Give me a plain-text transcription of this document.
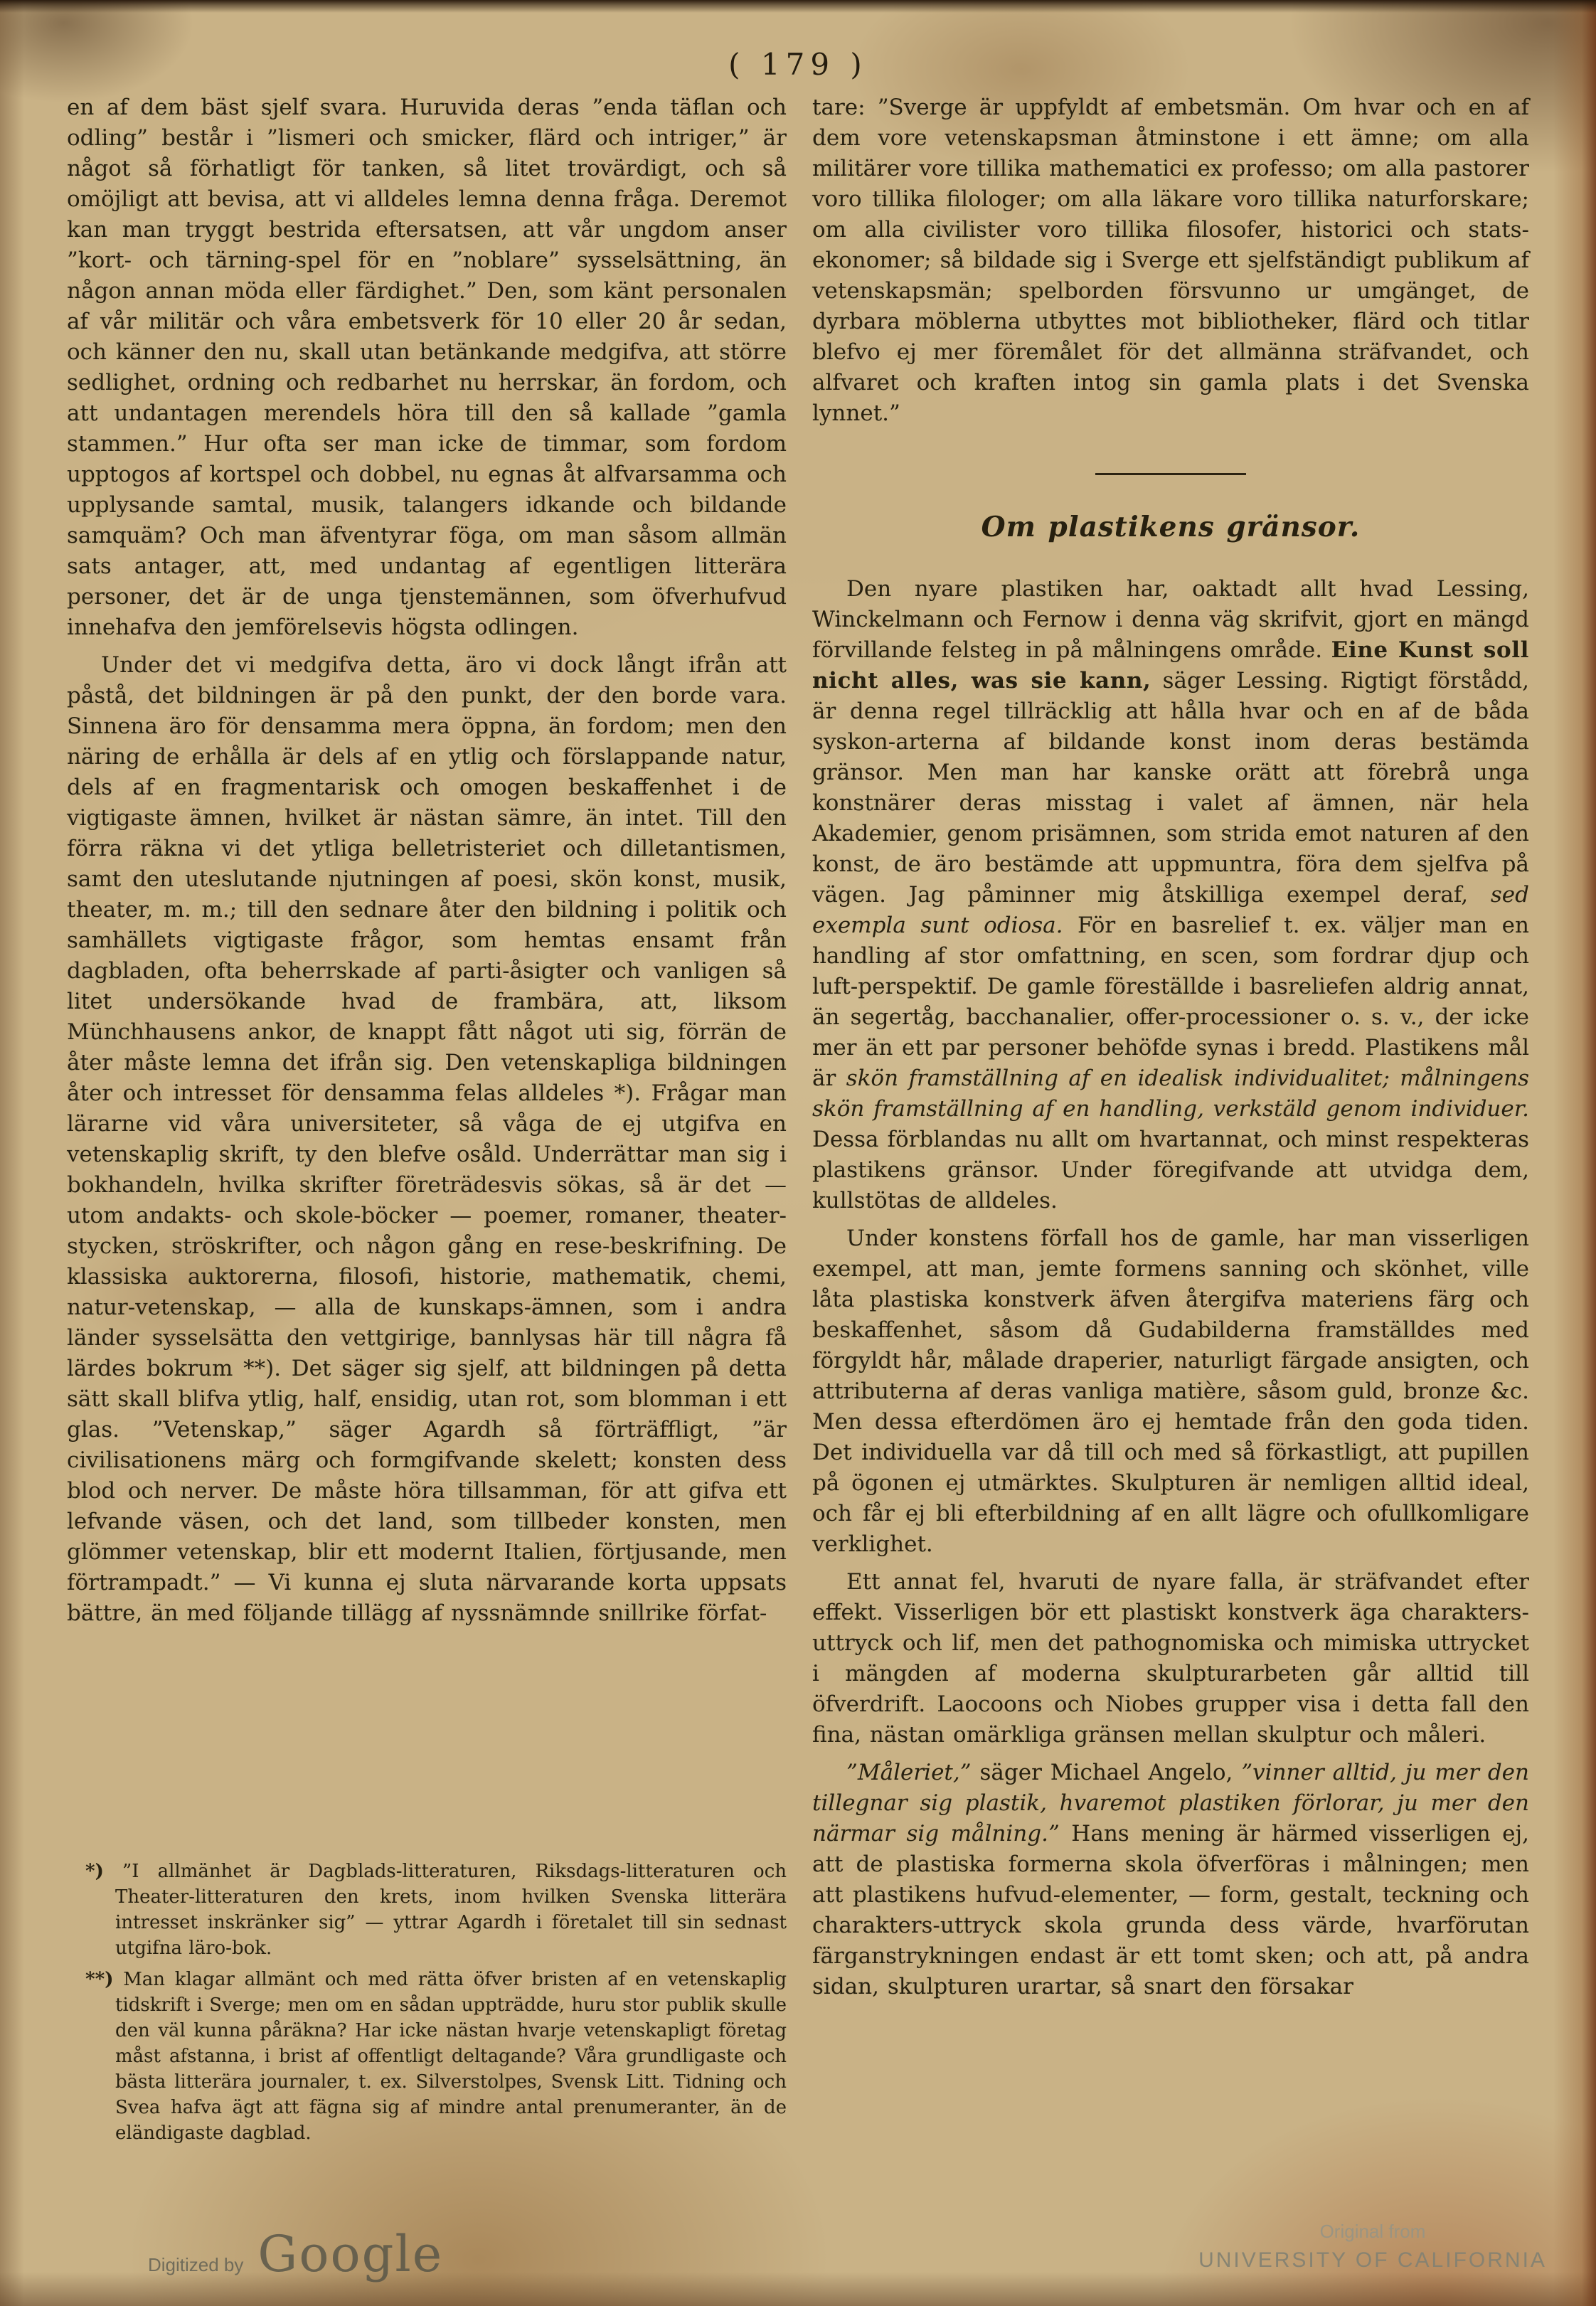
( 179 )

en af dem bäst sjelf svara. Huruvida deras ”enda täflan och odling” består i ”lismeri och smicker, flärd och intriger,” är något så förhatligt för tanken, så litet trovärdigt, och så omöjligt att bevisa, att vi alldeles lemna denna fråga. Deremot kan man tryggt bestrida eftersatsen, att vår ungdom anser ”kort- och tärning-spel för en ”noblare” sysselsättning, än någon annan möda eller färdighet.” Den, som känt personalen af vår militär och våra embetsverk för 10 eller 20 år sedan, och känner den nu, skall utan betänkande medgifva, att större sedlighet, ordning och redbarhet nu herrskar, än fordom, och att undantagen merendels höra till den så kallade ”gamla stammen.” Hur ofta ser man icke de timmar, som fordom upptogos af kortspel och dobbel, nu egnas åt alfvarsamma och upplysande samtal, musik, talangers idkande och bildande samquäm? Och man äfventyrar föga, om man såsom allmän sats antager, att, med undantag af egentligen litterära personer, det är de unga tjenstemännen, som öfverhufvud innehafva den jemförelsevis högsta odlingen.

Under det vi medgifva detta, äro vi dock långt ifrån att påstå, det bildningen är på den punkt, der den borde vara. Sinnena äro för densamma mera öppna, än fordom; men den näring de erhålla är dels af en ytlig och förslappande natur, dels af en fragmentarisk och omogen beskaffenhet i de vigtigaste ämnen, hvilket är nästan sämre, än intet. Till den förra räkna vi det ytliga belletristeriet och dilletantismen, samt den uteslutande njutningen af poesi, skön konst, musik, theater, m. m.; till den sednare åter den bildning i politik och samhällets vigtigaste frågor, som hemtas ensamt från dagbladen, ofta beherrskade af parti-åsigter och vanligen så litet undersökande hvad de frambära, att, liksom Münchhausens ankor, de knappt fått något uti sig, förrän de åter måste lemna det ifrån sig. Den vetenskapliga bildningen åter och intresset för densamma felas alldeles *). Frågar man lärarne vid våra universiteter, så våga de ej utgifva en vetenskaplig skrift, ty den blefve osåld. Underrättar man sig i bokhandeln, hvilka skrifter företrädesvis sökas, så är det — utom andakts- och skole-böcker — poemer, romaner, theater-stycken, ströskrifter, och någon gång en rese-beskrifning. De klassiska auktorerna, filosofi, historie, mathematik, chemi, natur-vetenskap, — alla de kunskaps-ämnen, som i andra länder sysselsätta den vettgirige, bannlysas här till några få lärdes bokrum **). Det säger sig sjelf, att bildningen på detta sätt skall blifva ytlig, half, ensidig, utan rot, som blomman i ett glas. ”Vetenskap,” säger Agardh så förträffligt, ”är civilisationens märg och formgifvande skelett; konsten dess blod och nerver. De måste höra tillsamman, för att gifva ett lefvande väsen, och det land, som tillbeder konsten, men glömmer vetenskap, blir ett modernt Italien, förtjusande, men förtrampadt.” — Vi kunna ej sluta närvarande korta uppsats bättre, än med följande tillägg af nyssnämnde snillrike förfat-

*) ”I allmänhet är Dagblads-litteraturen, Riksdags-litteraturen och Theater-litteraturen den krets, inom hvilken Svenska litterära intresset inskränker sig” — yttrar Agardh i företalet till sin sednast utgifna läro-bok.

**) Man klagar allmänt och med rätta öfver bristen af en vetenskaplig tidskrift i Sverge; men om en sådan uppträdde, huru stor publik skulle den väl kunna påräkna? Har icke nästan hvarje vetenskapligt företag måst afstanna, i brist af offentligt deltagande? Våra grundligaste och bästa litterära journaler, t. ex. Silverstolpes, Svensk Litt. Tidning och Svea hafva ägt att fägna sig af mindre antal prenumeranter, än de eländigaste dagblad.

tare: ”Sverge är uppfyldt af embetsmän. Om hvar och en af dem vore vetenskapsman åtminstone i ett ämne; om alla militärer vore tillika mathematici ex professo; om alla pastorer voro tillika filologer; om alla läkare voro tillika naturforskare; om alla civilister voro tillika filosofer, historici och stats-ekonomer; så bildade sig i Sverge ett sjelfständigt publikum af vetenskapsmän; spelborden försvunno ur umgänget, de dyrbara möblerna utbyttes mot bibliotheker, flärd och titlar blefvo ej mer föremålet för det allmänna sträfvandet, och alfvaret och kraften intog sin gamla plats i det Svenska lynnet.”

Om plastikens gränsor.

Den nyare plastiken har, oaktadt allt hvad Lessing, Winckelmann och Fernow i denna väg skrifvit, gjort en mängd förvillande felsteg in på målningens område. Eine Kunst soll nicht alles, was sie kann, säger Lessing. Rigtigt förstådd, är denna regel tillräcklig att hålla hvar och en af de båda syskon-arterna af bildande konst inom deras bestämda gränsor. Men man har kanske orätt att förebrå unga konstnärer deras misstag i valet af ämnen, när hela Akademier, genom prisämnen, som strida emot naturen af den konst, de äro bestämde att uppmuntra, föra dem sjelfva på vägen. Jag påminner mig åtskilliga exempel deraf, sed exempla sunt odiosa. För en basrelief t. ex. väljer man en handling af stor omfattning, en scen, som fordrar djup och luft-perspektif. De gamle föreställde i basreliefen aldrig annat, än segertåg, bacchanalier, offer-processioner o. s. v., der icke mer än ett par personer behöfde synas i bredd. Plastikens mål är skön framställning af en idealisk individualitet; målningens skön framställning af en handling, verkstäld genom individuer. Dessa förblandas nu allt om hvartannat, och minst respekteras plastikens gränsor. Under föregifvande att utvidga dem, kullstötas de alldeles.

Under konstens förfall hos de gamle, har man visserligen exempel, att man, jemte formens sanning och skönhet, ville låta plastiska konstverk äfven återgifva materiens färg och beskaffenhet, såsom då Gudabilderna framställdes med förgyldt hår, målade draperier, naturligt färgade ansigten, och attributerna af deras vanliga matière, såsom guld, bronze &c. Men dessa efterdömen äro ej hemtade från den goda tiden. Det individuella var då till och med så förkastligt, att pupillen på ögonen ej utmärktes. Skulpturen är nemligen alltid ideal, och får ej bli efterbildning af en allt lägre och ofullkomligare verklighet.

Ett annat fel, hvaruti de nyare falla, är sträfvandet efter effekt. Visserligen bör ett plastiskt konstverk äga charakters-uttryck och lif, men det pathognomiska och mimiska uttrycket i mängden af moderna skulpturarbeten går alltid till öfverdrift. Laocoons och Niobes grupper visa i detta fall den fina, nästan omärkliga gränsen mellan skulptur och måleri.

”Måleriet,” säger Michael Angelo, ”vinner alltid, ju mer den tillegnar sig plastik, hvaremot plastiken förlorar, ju mer den närmar sig målning.” Hans mening är härmed visserligen ej, att de plastiska formerna skola öfverföras i målningen; men att plastikens hufvud-elementer, — form, gestalt, teckning och charakters-uttryck skola grunda dess värde, hvarförutan färganstrykningen endast är ett tomt sken; och att, på andra sidan, skulpturen urartar, så snart den försakar

Digitized by Google	Original from
UNIVERSITY OF CALIFORNIA
